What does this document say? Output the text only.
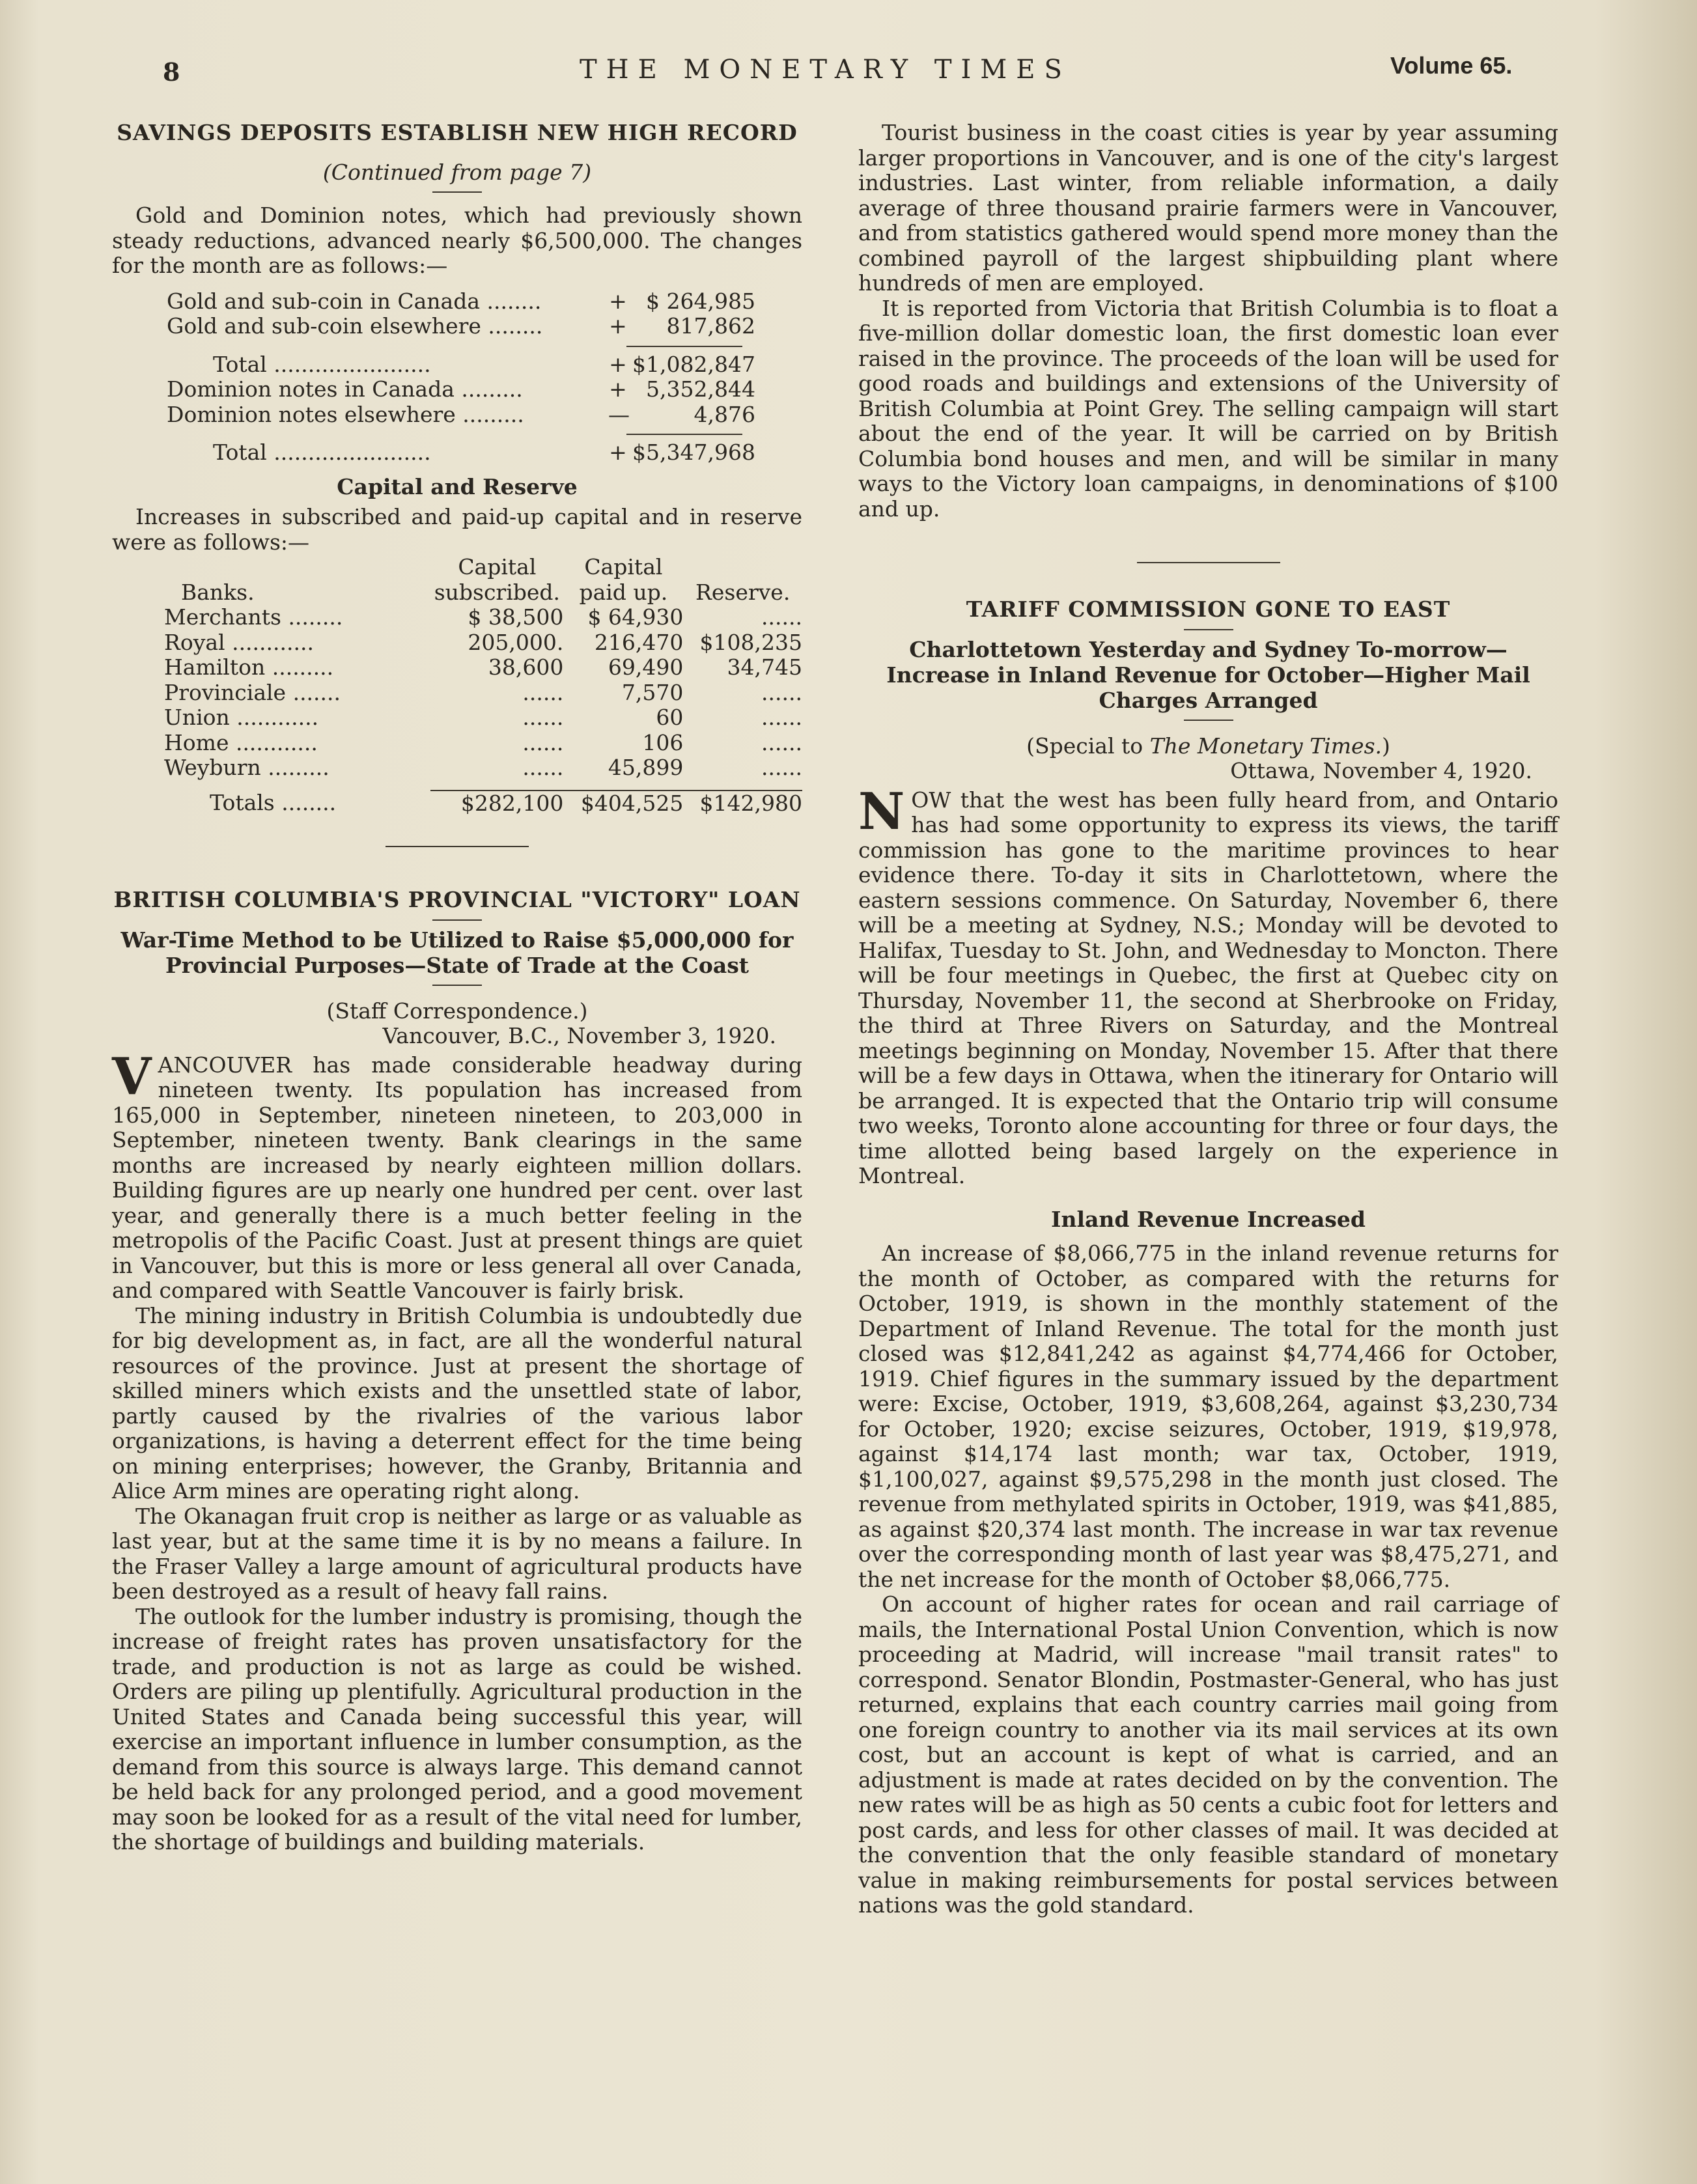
8	THE MONETARY TIMES	Volume 65.
SAVINGS DEPOSITS ESTABLISH NEW HIGH RECORD
(Continued from page 7)

Gold and Dominion notes, which had previously shown steady reductions, advanced nearly $6,500,000. The changes for the month are as follows:—

Gold and sub-coin in Canada ........	+ $ 264,985
Gold and sub-coin elsewhere ........	+ 817,862
Total .......................	+ $1,082,847
Dominion notes in Canada .........	+ 5,352,844
Dominion notes elsewhere .........	—	4,876
Total .......................	+ $5,347,968
Capital and Reserve

Increases in subscribed and paid-up capital and in reserve were as follows:—

	Capital	Capital	
Banks.	subscribed.	paid up.	Reserve.
Merchants ........	$ 38,500	$ 64,930	......
Royal ............	205,000.	216,470	$108,235
Hamilton .........	38,600	69,490	34,745
Provinciale .......	......	7,570	......
Union ............	......	60	......
Home ............	......	106	......
Weyburn .........	......	45,899	......

Totals ........	$282,100	$404,525	$142,980
BRITISH COLUMBIA'S PROVINCIAL "VICTORY" LOAN
War-Time Method to be Utilized to Raise $5,000,000 for Provincial Purposes—State of Trade at the Coast
(Staff Correspondence.)
Vancouver, B.C., November 3, 1920.

VANCOUVER has made considerable headway during nineteen twenty. Its population has increased from 165,000 in September, nineteen nineteen, to 203,000 in September, nineteen twenty. Bank clearings in the same months are increased by nearly eighteen million dollars. Building figures are up nearly one hundred per cent. over last year, and generally there is a much better feeling in the metropolis of the Pacific Coast. Just at present things are quiet in Vancouver, but this is more or less general all over Canada, and compared with Seattle Vancouver is fairly brisk.

The mining industry in British Columbia is undoubtedly due for big development as, in fact, are all the wonderful natural resources of the province. Just at present the shortage of skilled miners which exists and the unsettled state of labor, partly caused by the rivalries of the various labor organizations, is having a deterrent effect for the time being on mining enterprises; however, the Granby, Britannia and Alice Arm mines are operating right along.

The Okanagan fruit crop is neither as large or as valuable as last year, but at the same time it is by no means a failure. In the Fraser Valley a large amount of agricultural products have been destroyed as a result of heavy fall rains.

The outlook for the lumber industry is promising, though the increase of freight rates has proven unsatisfactory for the trade, and production is not as large as could be wished. Orders are piling up plentifully. Agricultural production in the United States and Canada being successful this year, will exercise an important influence in lumber consumption, as the demand from this source is always large. This demand cannot be held back for any prolonged period, and a good movement may soon be looked for as a result of the vital need for lumber, the shortage of buildings and building materials.

Tourist business in the coast cities is year by year assuming larger proportions in Vancouver, and is one of the city's largest industries. Last winter, from reliable information, a daily average of three thousand prairie farmers were in Vancouver, and from statistics gathered would spend more money than the combined payroll of the largest shipbuilding plant where hundreds of men are employed.

It is reported from Victoria that British Columbia is to float a five-million dollar domestic loan, the first domestic loan ever raised in the province. The proceeds of the loan will be used for good roads and buildings and extensions of the University of British Columbia at Point Grey. The selling campaign will start about the end of the year. It will be carried on by British Columbia bond houses and men, and will be similar in many ways to the Victory loan campaigns, in denominations of $100 and up.

TARIFF COMMISSION GONE TO EAST
Charlottetown Yesterday and Sydney To-morrow—Increase in Inland Revenue for October—Higher Mail Charges Arranged
(Special to The Monetary Times.)
Ottawa, November 4, 1920.

NOW that the west has been fully heard from, and Ontario has had some opportunity to express its views, the tariff commission has gone to the maritime provinces to hear evidence there. To-day it sits in Charlottetown, where the eastern sessions commence. On Saturday, November 6, there will be a meeting at Sydney, N.S.; Monday will be devoted to Halifax, Tuesday to St. John, and Wednesday to Moncton. There will be four meetings in Quebec, the first at Quebec city on Thursday, November 11, the second at Sherbrooke on Friday, the third at Three Rivers on Saturday, and the Montreal meetings beginning on Monday, November 15. After that there will be a few days in Ottawa, when the itinerary for Ontario will be arranged. It is expected that the Ontario trip will consume two weeks, Toronto alone accounting for three or four days, the time allotted being based largely on the experience in Montreal.

Inland Revenue Increased

An increase of $8,066,775 in the inland revenue returns for the month of October, as compared with the returns for October, 1919, is shown in the monthly statement of the Department of Inland Revenue. The total for the month just closed was $12,841,242 as against $4,774,466 for October, 1919. Chief figures in the summary issued by the department were: Excise, October, 1919, $3,608,264, against $3,230,734 for October, 1920; excise seizures, October, 1919, $19,978, against $14,174 last month; war tax, October, 1919, $1,100,027, against $9,575,298 in the month just closed. The revenue from methylated spirits in October, 1919, was $41,885, as against $20,374 last month. The increase in war tax revenue over the corresponding month of last year was $8,475,271, and the net increase for the month of October $8,066,775.

On account of higher rates for ocean and rail carriage of mails, the International Postal Union Convention, which is now proceeding at Madrid, will increase "mail transit rates" to correspond. Senator Blondin, Postmaster-General, who has just returned, explains that each country carries mail going from one foreign country to another via its mail services at its own cost, but an account is kept of what is carried, and an adjustment is made at rates decided on by the convention. The new rates will be as high as 50 cents a cubic foot for letters and post cards, and less for other classes of mail. It was decided at the convention that the only feasible standard of monetary value in making reimbursements for postal services between nations was the gold standard.
